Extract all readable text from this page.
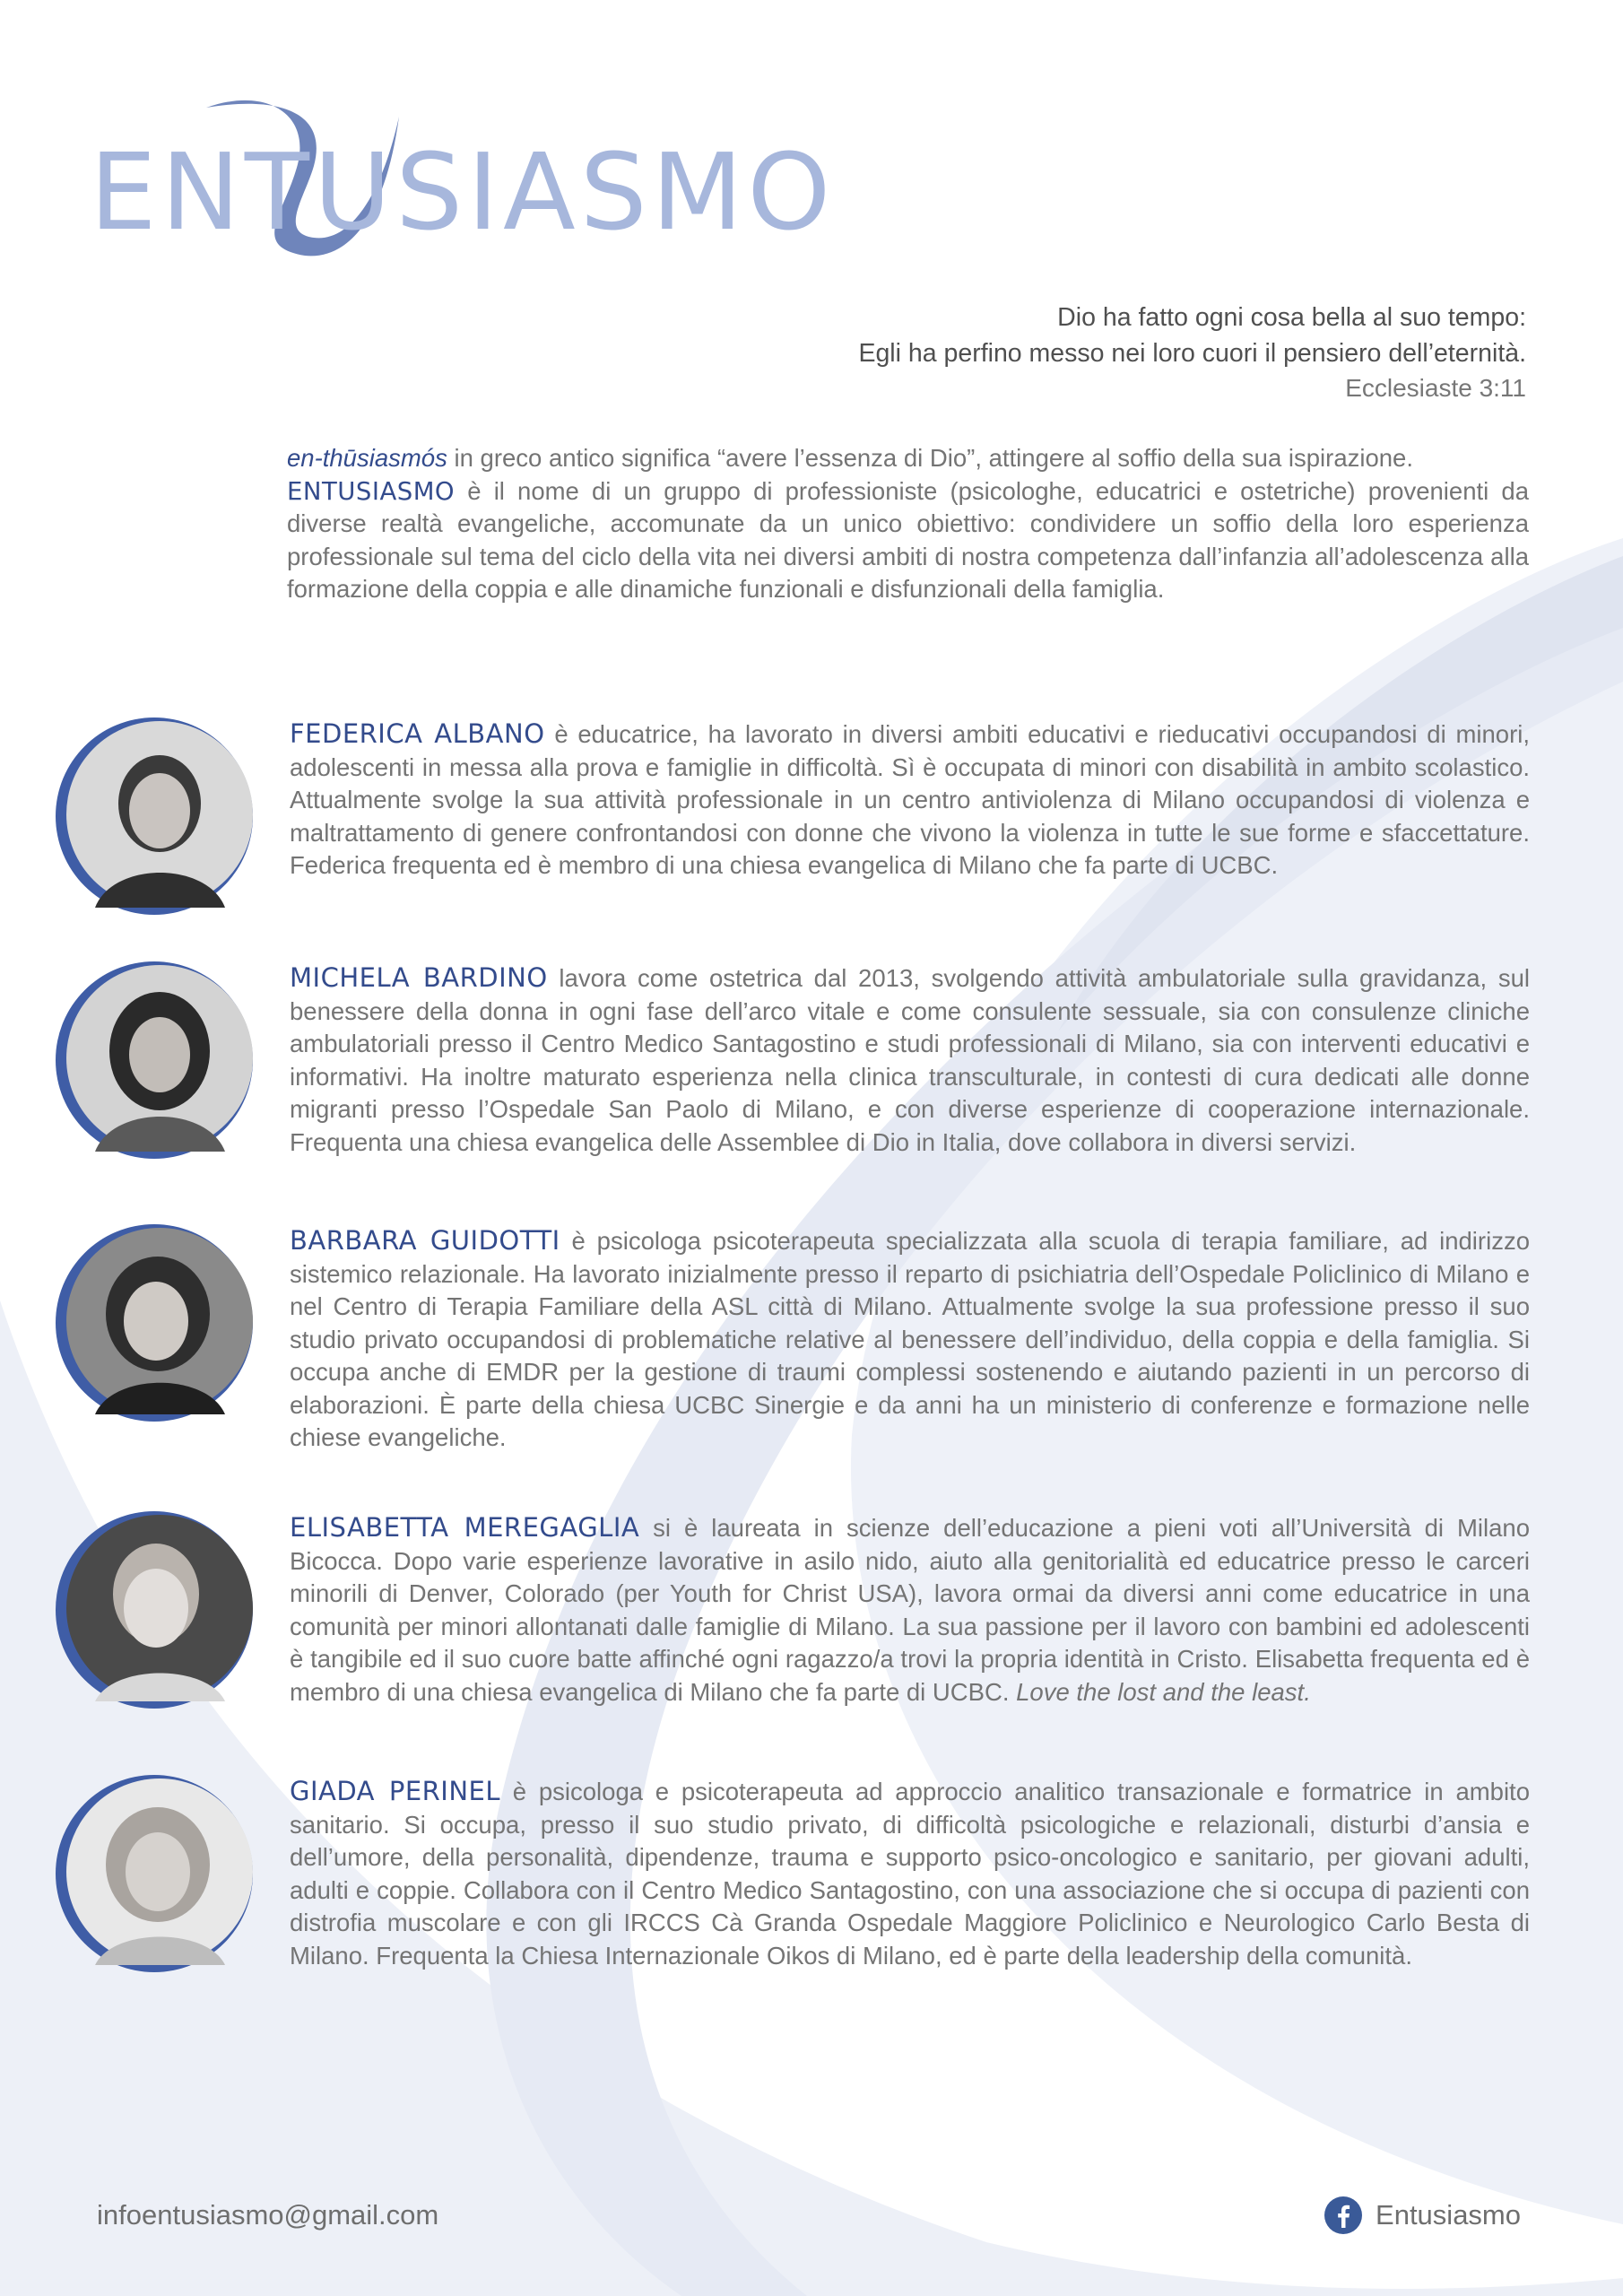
ENTUSIASMO
Dio ha fatto ogni cosa bella al suo tempo:
Egli ha perfino messo nei loro cuori il pensiero dell’eternità.
Ecclesiaste 3:11
en-thūsiasmós in greco antico significa “avere l’essenza di Dio”, attingere al soffio della sua ispirazione.
ENTUSIASMO è il nome di un gruppo di professioniste (psicologhe, educatrici e ostetriche) provenienti da diverse realtà evangeliche, accomunate da un unico obiettivo: condividere un soffio della loro esperienza professionale sul tema del ciclo della vita nei diversi ambiti di nostra competenza dall’infanzia all’adolescenza alla formazione della coppia e alle dinamiche funzionali e disfunzionali della famiglia.
FEDERICA ALBANO è educatrice, ha lavorato in diversi ambiti educativi e rieducativi occupandosi di minori, adolescenti in messa alla prova e famiglie in difficoltà. Sì è occupata di minori con disabilità in ambito scolastico. Attualmente svolge la sua attività professionale in un centro antiviolenza di Milano occupandosi di violenza e maltrattamento di genere confrontandosi con donne che vivono la violenza in tutte le sue forme e sfaccettature. Federica frequenta ed è membro di una chiesa evangelica di Milano che fa parte di UCBC.
MICHELA BARDINO lavora come ostetrica dal 2013, svolgendo attività ambulatoriale sulla gravidanza, sul benessere della donna in ogni fase dell’arco vitale e come consulente sessuale, sia con consulenze cliniche ambulatoriali presso il Centro Medico Santagostino e studi professionali di Milano, sia con interventi educativi e informativi. Ha inoltre maturato esperienza nella clinica transculturale, in contesti di cura dedicati alle donne migranti presso l’Ospedale San Paolo di Milano, e con diverse esperienze di cooperazione internazionale. Frequenta una chiesa evangelica delle Assemblee di Dio in Italia, dove collabora in diversi servizi.
BARBARA GUIDOTTI è psicologa psicoterapeuta specializzata alla scuola di terapia familiare, ad indirizzo sistemico relazionale. Ha lavorato inizialmente presso il reparto di psichiatria dell’Ospedale Policlinico di Milano e nel Centro di Terapia Familiare della ASL città di Milano. Attualmente svolge la sua professione presso il suo studio privato occupandosi di problematiche relative al benessere dell’individuo, della coppia e della famiglia. Si occupa anche di EMDR per la gestione di traumi complessi sostenendo e aiutando pazienti in un percorso di elaborazioni. È parte della chiesa UCBC Sinergie e da anni ha un ministerio di conferenze e formazione nelle chiese evangeliche.
ELISABETTA MEREGAGLIA si è laureata in scienze dell’educazione a pieni voti all’Università di Milano Bicocca. Dopo varie esperienze lavorative in asilo nido, aiuto alla genitorialità ed educatrice presso le carceri minorili di Denver, Colorado (per Youth for Christ USA), lavora ormai da diversi anni come educatrice in una comunità per minori allontanati dalle famiglie di Milano. La sua passione per il lavoro con bambini ed adolescenti è tangibile ed il suo cuore batte affinché ogni ragazzo/a trovi la propria identità in Cristo. Elisabetta frequenta ed è membro di una chiesa evangelica di Milano che fa parte di UCBC. Love the lost and the least.
GIADA PERINEL è psicologa e psicoterapeuta ad approccio analitico transazionale e formatrice in ambito sanitario. Si occupa, presso il suo studio privato, di difficoltà psicologiche e relazionali, disturbi d’ansia e dell’umore, della personalità, dipendenze, trauma e supporto psico-oncologico e sanitario, per giovani adulti, adulti e coppie. Collabora con il Centro Medico Santagostino, con una associazione che si occupa di pazienti con distrofia muscolare e con gli IRCCS Cà Granda Ospedale Maggiore Policlinico e Neurologico Carlo Besta di Milano. Frequenta la Chiesa Internazionale Oikos di Milano, ed è parte della leadership della comunità.
infoentusiasmo@gmail.com	Entusiasmo
